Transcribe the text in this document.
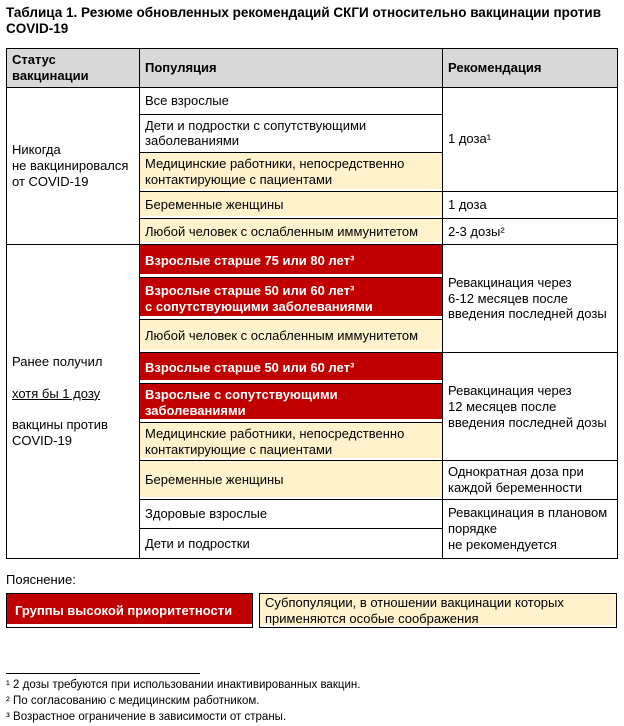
Таблица 1. Резюме обновленных рекомендаций СКГИ относительно вакцинации против
COVID-19
Статус
вакцинации	Популяция	Рекомендация
Никогда
не вакцинировался
от COVID-19	Все взрослые	1 доза¹
	Дети и подростки с сопутствующими
заболеваниями	
	Медицинские работники, непосредственно
контактирующие с пациентами	
	Беременные женщины	1 доза
	Любой человек с ослабленным иммунитетом	2-3 дозы²

Ранее получил

хотя бы 1 дозу

вакцины против
COVID-19	Взрослые старше 75 или 80 лет³	Ревакцинация через
6-12 месяцев после
введения последней дозы
	Взрослые старше 50 или 60 лет³
с сопутствующими заболеваниями	
	Любой человек с ослабленным иммунитетом	
	Взрослые старше 50 или 60 лет³	Ревакцинация через
12 месяцев после
введения последней дозы
	Взрослые с сопутствующими
заболеваниями	
	Медицинские работники, непосредственно
контактирующие с пациентами	
	Беременные женщины	Однократная доза при
каждой беременности
	Здоровые взрослые	Ревакцинация в плановом
порядке
не рекомендуется
	Дети и подростки	
Пояснение:
Группы высокой приоритетности
Субпопуляции, в отношении вакцинации которых
применяются особые соображения
¹ 2 дозы требуются при использовании инактивированных вакцин.
² По согласованию с медицинским работником.
³ Возрастное ограничение в зависимости от страны.
